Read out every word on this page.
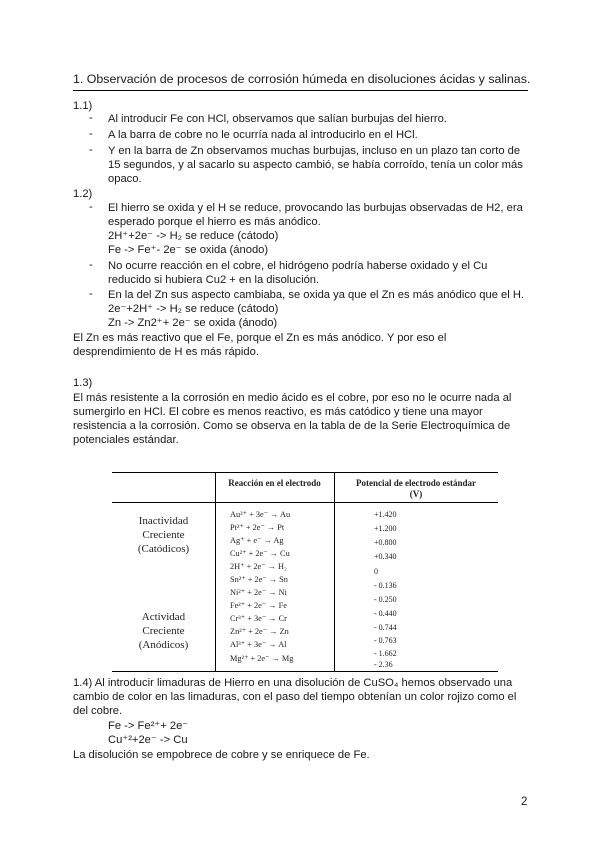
1. Observación de procesos de corrosión húmeda en disoluciones ácidas y salinas.
1.1)
- Al introducir Fe con HCl, observamos que salían burbujas del hierro.
- A la barra de cobre no le ocurría nada al introducirlo en el HCl.
- Y en la barra de Zn observamos muchas burbujas, incluso en un plazo tan corto de
15 segundos, y al sacarlo su aspecto cambió, se había corroído, tenía un color más
opaco.
1.2)
- El hierro se oxida y el H se reduce, provocando las burbujas observadas de H2, era
esperado porque el hierro es más anódico.
2H⁺+2e⁻ -> H₂ se reduce (cátodo)
Fe -> Fe⁺- 2e⁻ se oxida (ánodo)
- No ocurre reacción en el cobre, el hidrógeno podría haberse oxidado y el Cu
reducido si hubiera Cu2 + en la disolución.
- En la del Zn sus aspecto cambiaba, se oxida ya que el Zn es más anódico que el H.
2e⁻+2H⁺ -> H₂ se reduce (cátodo)
Zn -> Zn2⁺+ 2e⁻ se oxida (ánodo)
El Zn es más reactivo que el Fe, porque el Zn es más anódico. Y por eso el
desprendimiento de H es más rápido.
1.3)
El más resistente a la corrosión en medio ácido es el cobre, por eso no le ocurre nada al
sumergirlo en HCl. El cobre es menos reactivo, es más catódico y tiene una mayor
resistencia a la corrosión. Como se observa en la tabla de de la Serie Electroquímica de
potenciales estándar.
Reacción en el electrodo	Potencial de electrodo estándar
(V)
Inactividad
Creciente
(Catódicos)
Actividad
Creciente
(Anódicos)
Au³⁺ + 3e⁻ → Au
Pt²⁺ + 2e⁻ → Pt
Ag⁺ + e⁻ → Ag
Cu²⁺ + 2e⁻ → Cu
2H⁺ + 2e⁻ → H₂
Sn²⁺ + 2e⁻ → Sn
Ni²⁺ + 2e⁻ → Ni
Fe²⁺ + 2e⁻ → Fe
Cr³⁺ + 3e⁻ → Cr
Zn²⁺ + 2e⁻ → Zn
Al³⁺ + 3e⁻ → Al
Mg²⁺ + 2e⁻ → Mg
+1.420
+1.200
+0.800
+0.340
0
- 0.136
- 0.250
- 0.440
- 0.744
- 0.763
- 1.662
- 2.36
1.4) Al introducir limaduras de Hierro en una disolución de CuSO₄ hemos observado una
cambio de color en las limaduras, con el paso del tiempo obtenían un color rojizo como el
del cobre.
Fe -> Fe²⁺+ 2e⁻
Cu⁺²+2e⁻ -> Cu
La disolución se empobrece de cobre y se enriquece de Fe.
2
